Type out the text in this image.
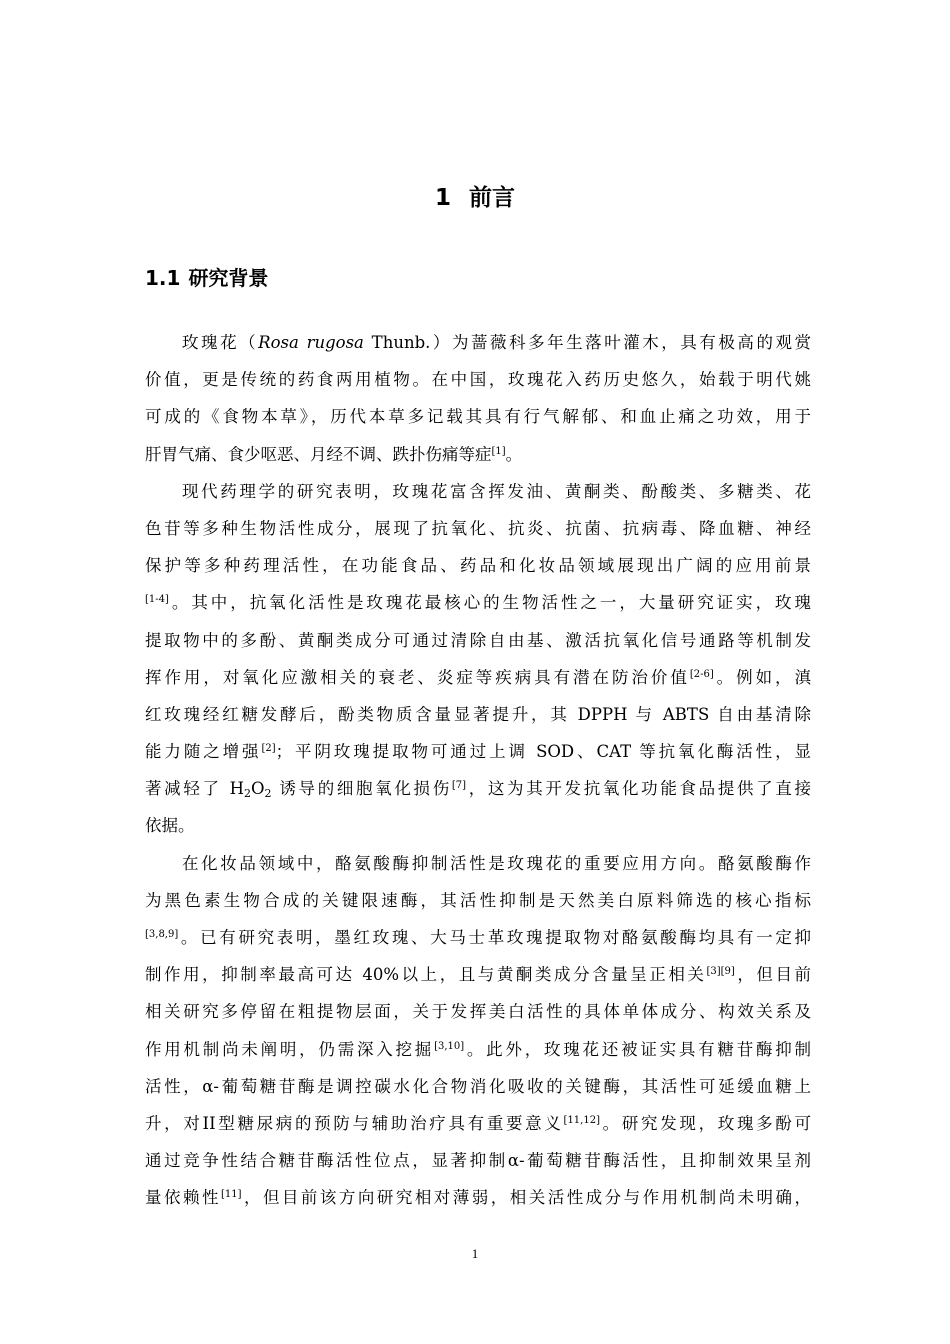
1 前言
1.1 研究背景
玫瑰花（Rosa rugosa Thunb.）为蔷薇科多年生落叶灌木，具有极高的观赏
价值，更是传统的药食两用植物。在中国，玫瑰花入药历史悠久，始载于明代姚
可成的《食物本草》，历代本草多记载其具有行气解郁、和血止痛之功效，用于
肝胃气痛、食少呕恶、月经不调、跌扑伤痛等症[1]。
现代药理学的研究表明，玫瑰花富含挥发油、黄酮类、酚酸类、多糖类、花
色苷等多种生物活性成分，展现了抗氧化、抗炎、抗菌、抗病毒、降血糖、神经
保护等多种药理活性，在功能食品、药品和化妆品领域展现出广阔的应用前景
[1-4]。其中，抗氧化活性是玫瑰花最核心的生物活性之一，大量研究证实，玫瑰
提取物中的多酚、黄酮类成分可通过清除自由基、激活抗氧化信号通路等机制发
挥作用，对氧化应激相关的衰老、炎症等疾病具有潜在防治价值[2-6]。例如，滇
红玫瑰经红糖发酵后，酚类物质含量显著提升，其 DPPH 与 ABTS 自由基清除
能力随之增强[2]；平阴玫瑰提取物可通过上调 SOD、CAT 等抗氧化酶活性，显
著减轻了 $H_2O_2$ 诱导的细胞氧化损伤[7]，这为其开发抗氧化功能食品提供了直接
依据。
在化妆品领域中，酪氨酸酶抑制活性是玫瑰花的重要应用方向。酪氨酸酶作
为黑色素生物合成的关键限速酶，其活性抑制是天然美白原料筛选的核心指标
[3,8,9]。已有研究表明，墨红玫瑰、大马士革玫瑰提取物对酪氨酸酶均具有一定抑
制作用，抑制率最高可达 40%以上，且与黄酮类成分含量呈正相关[3][9]，但目前
相关研究多停留在粗提物层面，关于发挥美白活性的具体单体成分、构效关系及
作用机制尚未阐明，仍需深入挖掘[3,10]。此外，玫瑰花还被证实具有糖苷酶抑制
活性，α-葡萄糖苷酶是调控碳水化合物消化吸收的关键酶，其活性可延缓血糖上
升，对II型糖尿病的预防与辅助治疗具有重要意义[11,12]。研究发现，玫瑰多酚可
通过竞争性结合糖苷酶活性位点，显著抑制α-葡萄糖苷酶活性，且抑制效果呈剂
量依赖性[11]，但目前该方向研究相对薄弱，相关活性成分与作用机制尚未明确，
1
